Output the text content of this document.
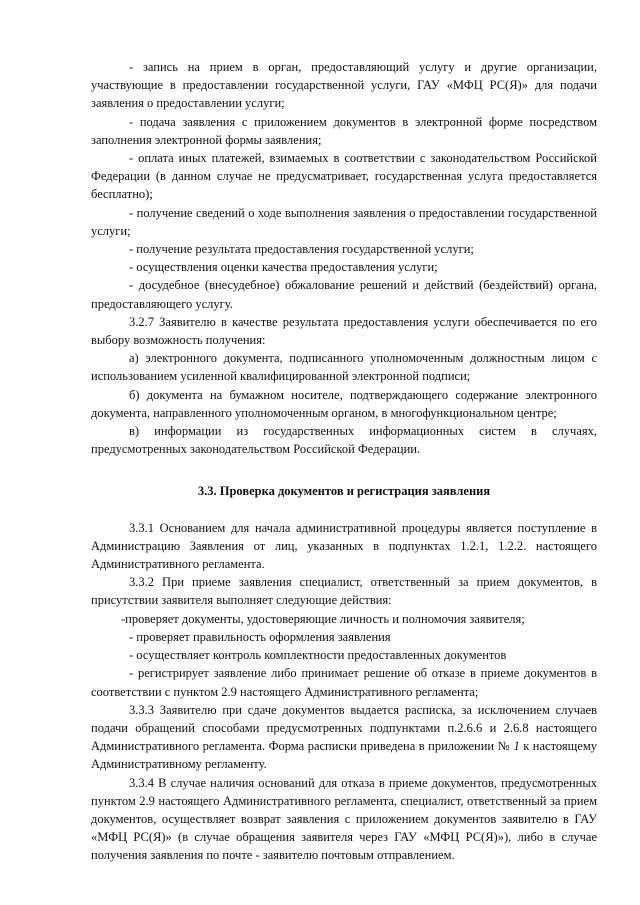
- запись на прием в орган, предоставляющий услугу и другие организации, участвующие в предоставлении государственной услуги, ГАУ «МФЦ РС(Я)» для подачи заявления о предоставлении услуги;

- подача заявления с приложением документов в электронной форме посредством заполнения электронной формы заявления;

- оплата иных платежей, взимаемых в соответствии с законодательством Российской Федерации (в данном случае не предусматривает, государственная услуга предоставляется бесплатно);

- получение сведений о ходе выполнения заявления о предоставлении государственной услуги;

- получение результата предоставления государственной услуги;

- осуществления оценки качества предоставления услуги;

- досудебное (внесудебное) обжалование решений и действий (бездействий) органа, предоставляющего услугу.

3.2.7 Заявителю в качестве результата предоставления услуги обеспечивается по его выбору возможность получения:

а) электронного документа, подписанного уполномоченным должностным лицом с использованием усиленной квалифицированной электронной подписи;

б) документа на бумажном носителе, подтверждающего содержание электронного документа, направленного уполномоченным органом, в многофункциональном центре;

в) информации из государственных информационных систем в случаях, предусмотренных законодательством Российской Федерации.

3.3. Проверка документов и регистрация заявления

3.3.1 Основанием для начала административной процедуры является поступление в Администрацию Заявления от лиц, указанных в подпунктах 1.2.1, 1.2.2. настоящего Административного регламента.

3.3.2 При приеме заявления специалист, ответственный за прием документов, в присутствии заявителя выполняет следующие действия:

-проверяет документы, удостоверяющие личность и полномочия заявителя;

- проверяет правильность оформления заявления

- осуществляет контроль комплектности предоставленных документов

- регистрирует заявление либо принимает решение об отказе в приеме документов в соответствии с пунктом 2.9 настоящего Административного регламента;

3.3.3 Заявителю при сдаче документов выдается расписка, за исключением случаев подачи обращений способами предусмотренных подпунктами п.2.6.6 и 2.6.8 настоящего Административного регламента. Форма расписки приведена в приложении № 1 к настоящему Административному регламенту.

3.3.4 В случае наличия оснований для отказа в приеме документов, предусмотренных пунктом 2.9 настоящего Административного регламента, специалист, ответственный за прием документов, осуществляет возврат заявления с приложением документов заявителю в ГАУ «МФЦ РС(Я)» (в случае обращения заявителя через ГАУ «МФЦ РС(Я)»), либо в случае получения заявления по почте - заявителю почтовым отправлением.
